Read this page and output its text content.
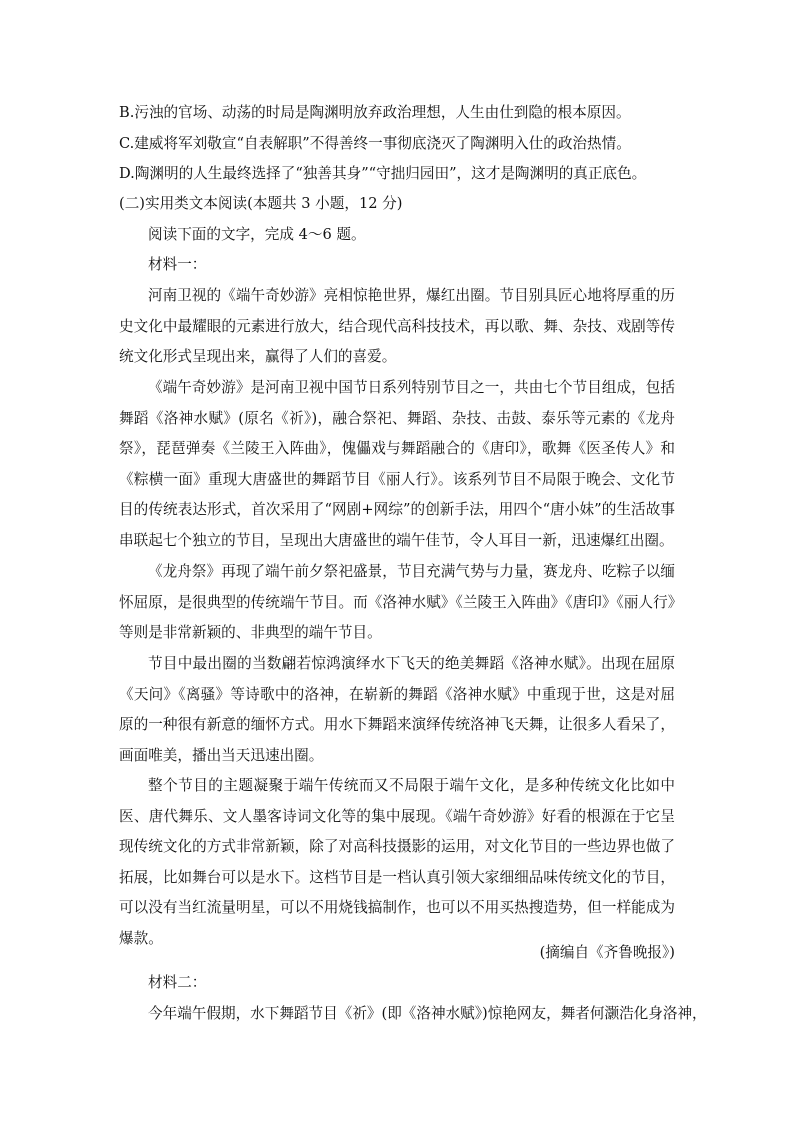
B.污浊的官场、动荡的时局是陶渊明放弃政治理想，人生由仕到隐的根本原因。

C.建威将军刘敬宣“自表解职”不得善终一事彻底浇灭了陶渊明入仕的政治热情。

D.陶渊明的人生最终选择了“独善其身”“守拙归园田”，这才是陶渊明的真正底色。

(二)实用类文本阅读(本题共 3 小题，12 分)

阅读下面的文字，完成 4～6 题。

材料一：

河南卫视的《端午奇妙游》亮相惊艳世界，爆红出圈。节目别具匠心地将厚重的历史文化中最耀眼的元素进行放大，结合现代高科技技术，再以歌、舞、杂技、戏剧等传统文化形式呈现出来，赢得了人们的喜爱。

《端午奇妙游》是河南卫视中国节日系列特别节目之一，共由七个节目组成，包括舞蹈《洛神水赋》(原名《祈》)，融合祭祀、舞蹈、杂技、击鼓、泰乐等元素的《龙舟祭》，琵琶弹奏《兰陵王入阵曲》，傀儡戏与舞蹈融合的《唐印》，歌舞《医圣传人》和《粽横一面》重现大唐盛世的舞蹈节目《丽人行》。该系列节目不局限于晚会、文化节目的传统表达形式，首次采用了“网剧+网综”的创新手法，用四个“唐小妹”的生活故事串联起七个独立的节目，呈现出大唐盛世的端午佳节，令人耳目一新，迅速爆红出圈。

《龙舟祭》再现了端午前夕祭祀盛景，节目充满气势与力量，赛龙舟、吃粽子以缅怀屈原，是很典型的传统端午节目。而《洛神水赋》《兰陵王入阵曲》《唐印》《丽人行》等则是非常新颖的、非典型的端午节目。

节目中最出圈的当数翩若惊鸿演绎水下飞天的绝美舞蹈《洛神水赋》。出现在屈原《天问》《离骚》等诗歌中的洛神，在崭新的舞蹈《洛神水赋》中重现于世，这是对屈原的一种很有新意的缅怀方式。用水下舞蹈来演绎传统洛神飞天舞，让很多人看呆了，画面唯美，播出当天迅速出圈。

整个节目的主题凝聚于端午传统而又不局限于端午文化，是多种传统文化比如中医、唐代舞乐、文人墨客诗词文化等的集中展现。《端午奇妙游》好看的根源在于它呈现传统文化的方式非常新颖，除了对高科技摄影的运用，对文化节目的一些边界也做了拓展，比如舞台可以是水下。这档节目是一档认真引领大家细细品味传统文化的节目，可以没有当红流量明星，可以不用烧钱搞制作，也可以不用买热搜造势，但一样能成为爆款。

(摘编自《齐鲁晚报》)

材料二：

今年端午假期，水下舞蹈节目《祈》(即《洛神水赋》)惊艳网友，舞者何灏浩化身洛神，
